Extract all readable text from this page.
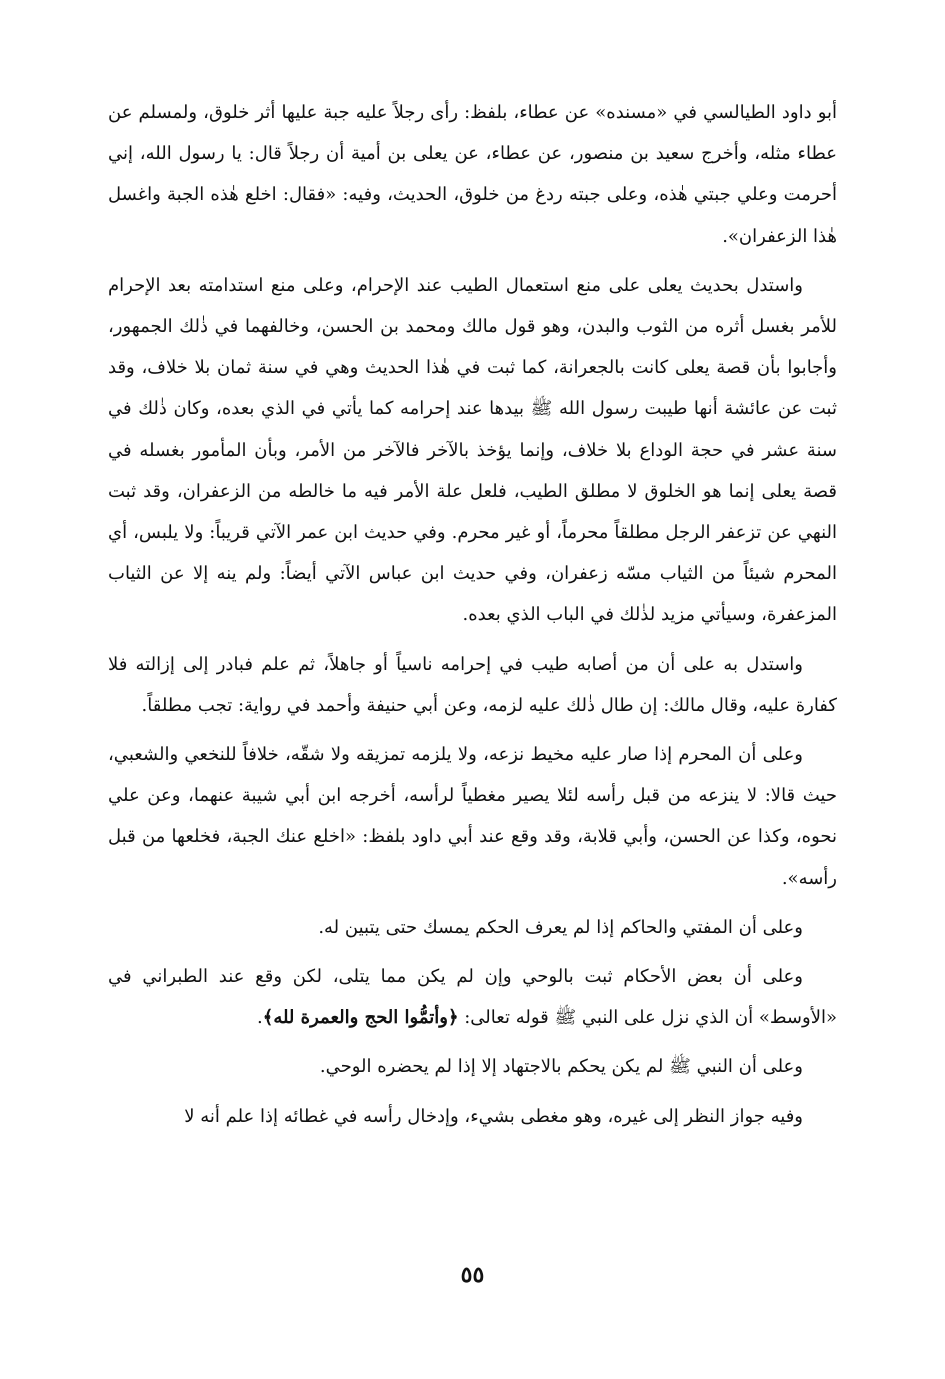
أبو داود الطيالسي في «مسنده» عن عطاء، بلفظ: رأى رجلاً عليه جبة عليها أثر خلوق، ولمسلم عن عطاء مثله، وأخرج سعيد بن منصور، عن عطاء، عن يعلى بن أمية أن رجلاً قال: يا رسول الله، إني أحرمت وعلي جبتي هٰذه، وعلى جبته ردغ من خلوق، الحديث، وفيه: «فقال: اخلع هٰذه الجبة واغسل هٰذا الزعفران».

واستدل بحديث يعلى على منع استعمال الطيب عند الإحرام، وعلى منع استدامته بعد الإحرام للأمر بغسل أثره من الثوب والبدن، وهو قول مالك ومحمد بن الحسن، وخالفهما في ذٰلك الجمهور، وأجابوا بأن قصة يعلى كانت بالجعرانة، كما ثبت في هٰذا الحديث وهي في سنة ثمان بلا خلاف، وقد ثبت عن عائشة أنها طيبت رسول الله ﷺ بيدها عند إحرامه كما يأتي في الذي بعده، وكان ذٰلك في سنة عشر في حجة الوداع بلا خلاف، وإنما يؤخذ بالآخر فالآخر من الأمر، وبأن المأمور بغسله في قصة يعلى إنما هو الخلوق لا مطلق الطيب، فلعل علة الأمر فيه ما خالطه من الزعفران، وقد ثبت النهي عن تزعفر الرجل مطلقاً محرماً، أو غير محرم. وفي حديث ابن عمر الآتي قريباً: ولا يلبس، أي المحرم شيئاً من الثياب مسّه زعفران، وفي حديث ابن عباس الآتي أيضاً: ولم ينه إلا عن الثياب المزعفرة، وسيأتي مزيد لذٰلك في الباب الذي بعده.

واستدل به على أن من أصابه طيب في إحرامه ناسياً أو جاهلاً، ثم علم فبادر إلى إزالته فلا كفارة عليه، وقال مالك: إن طال ذٰلك عليه لزمه، وعن أبي حنيفة وأحمد في رواية: تجب مطلقاً.

وعلى أن المحرم إذا صار عليه مخيط نزعه، ولا يلزمه تمزيقه ولا شقّه، خلافاً للنخعي والشعبي، حيث قالا: لا ينزعه من قبل رأسه لئلا يصير مغطياً لرأسه، أخرجه ابن أبي شيبة عنهما، وعن علي نحوه، وكذا عن الحسن، وأبي قلابة، وقد وقع عند أبي داود بلفظ: «اخلع عنك الجبة، فخلعها من قبل رأسه».

وعلى أن المفتي والحاكم إذا لم يعرف الحكم يمسك حتى يتبين له.

وعلى أن بعض الأحكام ثبت بالوحي وإن لم يكن مما يتلى، لكن وقع عند الطبراني في «الأوسط» أن الذي نزل على النبي ﷺ قوله تعالى: ﴿وأتمُّوا الحج والعمرة لله﴾.

وعلى أن النبي ﷺ لم يكن يحكم بالاجتهاد إلا إذا لم يحضره الوحي.

وفيه جواز النظر إلى غيره، وهو مغطى بشيء، وإدخال رأسه في غطائه إذا علم أنه لا

٥٥
